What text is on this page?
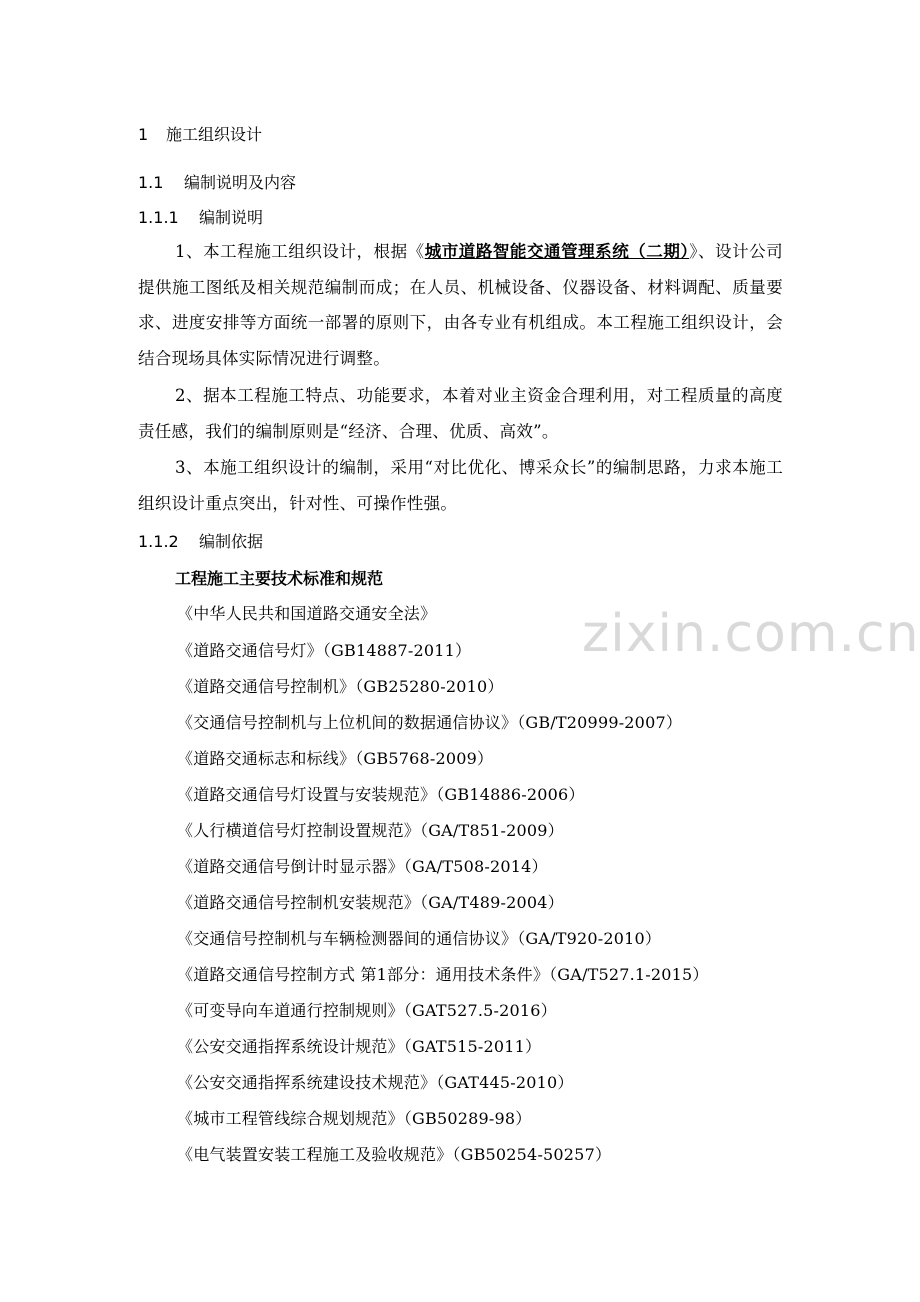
zixin.com.cn
1 施工组织设计
1.1 编制说明及内容
1.1.1 编制说明
1、本工程施工组织设计，根据《城市道路智能交通管理系统（二期）》、设计公司提供施工图纸及相关规范编制而成；在人员、机械设备、仪器设备、材料调配、质量要求、进度安排等方面统一部署的原则下，由各专业有机组成。本工程施工组织设计，会结合现场具体实际情况进行调整。
2、据本工程施工特点、功能要求，本着对业主资金合理利用，对工程质量的高度责任感，我们的编制原则是“经济、合理、优质、高效”。
3、本施工组织设计的编制，采用“对比优化、博采众长”的编制思路，力求本施工组织设计重点突出，针对性、可操作性强。
1.1.2 编制依据
工程施工主要技术标准和规范
《中华人民共和国道路交通安全法》
《道路交通信号灯》（GB14887-2011）
《道路交通信号控制机》（GB25280-2010）
《交通信号控制机与上位机间的数据通信协议》（GB/T20999-2007）
《道路交通标志和标线》（GB5768-2009）
《道路交通信号灯设置与安装规范》（GB14886-2006）
《人行横道信号灯控制设置规范》（GA/T851-2009）
《道路交通信号倒计时显示器》（GA/T508-2014）
《道路交通信号控制机安装规范》（GA/T489-2004）
《交通信号控制机与车辆检测器间的通信协议》（GA/T920-2010）
《道路交通信号控制方式 第1部分：通用技术条件》（GA/T527.1-2015）
《可变导向车道通行控制规则》（GAT527.5-2016）
《公安交通指挥系统设计规范》（GAT515-2011）
《公安交通指挥系统建设技术规范》（GAT445-2010）
《城市工程管线综合规划规范》（GB50289-98）
《电气装置安装工程施工及验收规范》（GB50254-50257）
